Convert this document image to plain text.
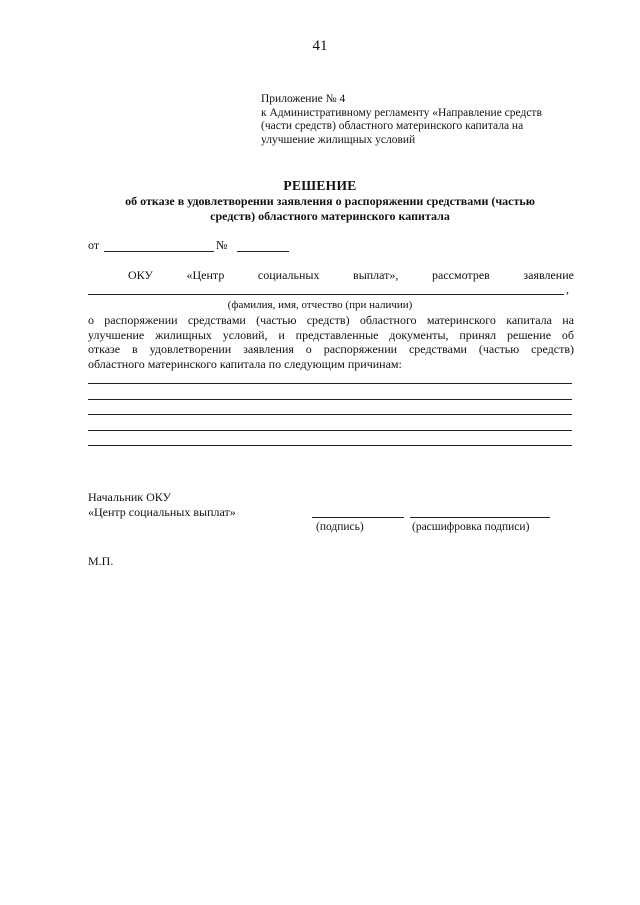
41
Приложение № 4
к Административному регламенту «Направление средств
(части средств) областного материнского капитала на
улучшение жилищных условий
РЕШЕНИЕ
об отказе в удовлетворении заявления о распоряжении средствами (частью
средств) областного материнского капитала
от	№
ОКУ	«Центр	социальных	выплат»,	рассмотрев	заявление
,
(фамилия, имя, отчество (при наличии)
о распоряжении средствами (частью средств) областного материнского капитала на
улучшение жилищных условий, и представленные документы, принял решение об
отказе в удовлетворении заявления о распоряжении средствами (частью средств)
областного материнского капитала по следующим причинам:
Начальник ОКУ
«Центр социальных выплат»
(подпись)	(расшифровка подписи)
М.П.
